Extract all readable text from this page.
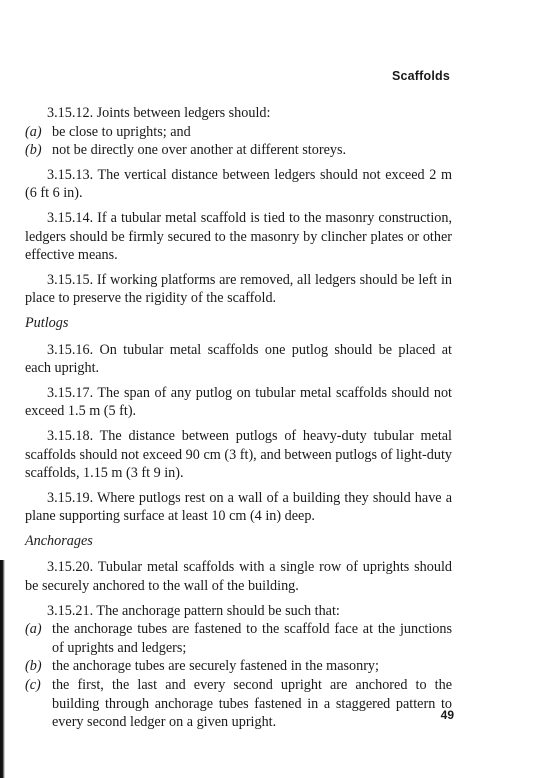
Scaffolds

3.15.12. Joints between ledgers should:

(a) be close to uprights; and
(b) not be directly one over another at different storeys.

3.15.13. The vertical distance between ledgers should not exceed 2 m (6 ft 6 in).

3.15.14. If a tubular metal scaffold is tied to the masonry construction, ledgers should be firmly secured to the masonry by clincher plates or other effective means.

3.15.15. If working platforms are removed, all ledgers should be left in place to preserve the rigidity of the scaffold.

Putlogs

3.15.16. On tubular metal scaffolds one putlog should be placed at each upright.

3.15.17. The span of any putlog on tubular metal scaffolds should not exceed 1.5 m (5 ft).

3.15.18. The distance between putlogs of heavy-duty tubular metal scaffolds should not exceed 90 cm (3 ft), and between putlogs of light-duty scaffolds, 1.15 m (3 ft 9 in).

3.15.19. Where putlogs rest on a wall of a building they should have a plane supporting surface at least 10 cm (4 in) deep.

Anchorages

3.15.20. Tubular metal scaffolds with a single row of uprights should be securely anchored to the wall of the building.

3.15.21. The anchorage pattern should be such that:

(a) the anchorage tubes are fastened to the scaffold face at the junctions of uprights and ledgers;
(b) the anchorage tubes are securely fastened in the masonry;
(c) the first, the last and every second upright are anchored to the building through anchorage tubes fastened in a staggered pattern to every second ledger on a given upright.	49
